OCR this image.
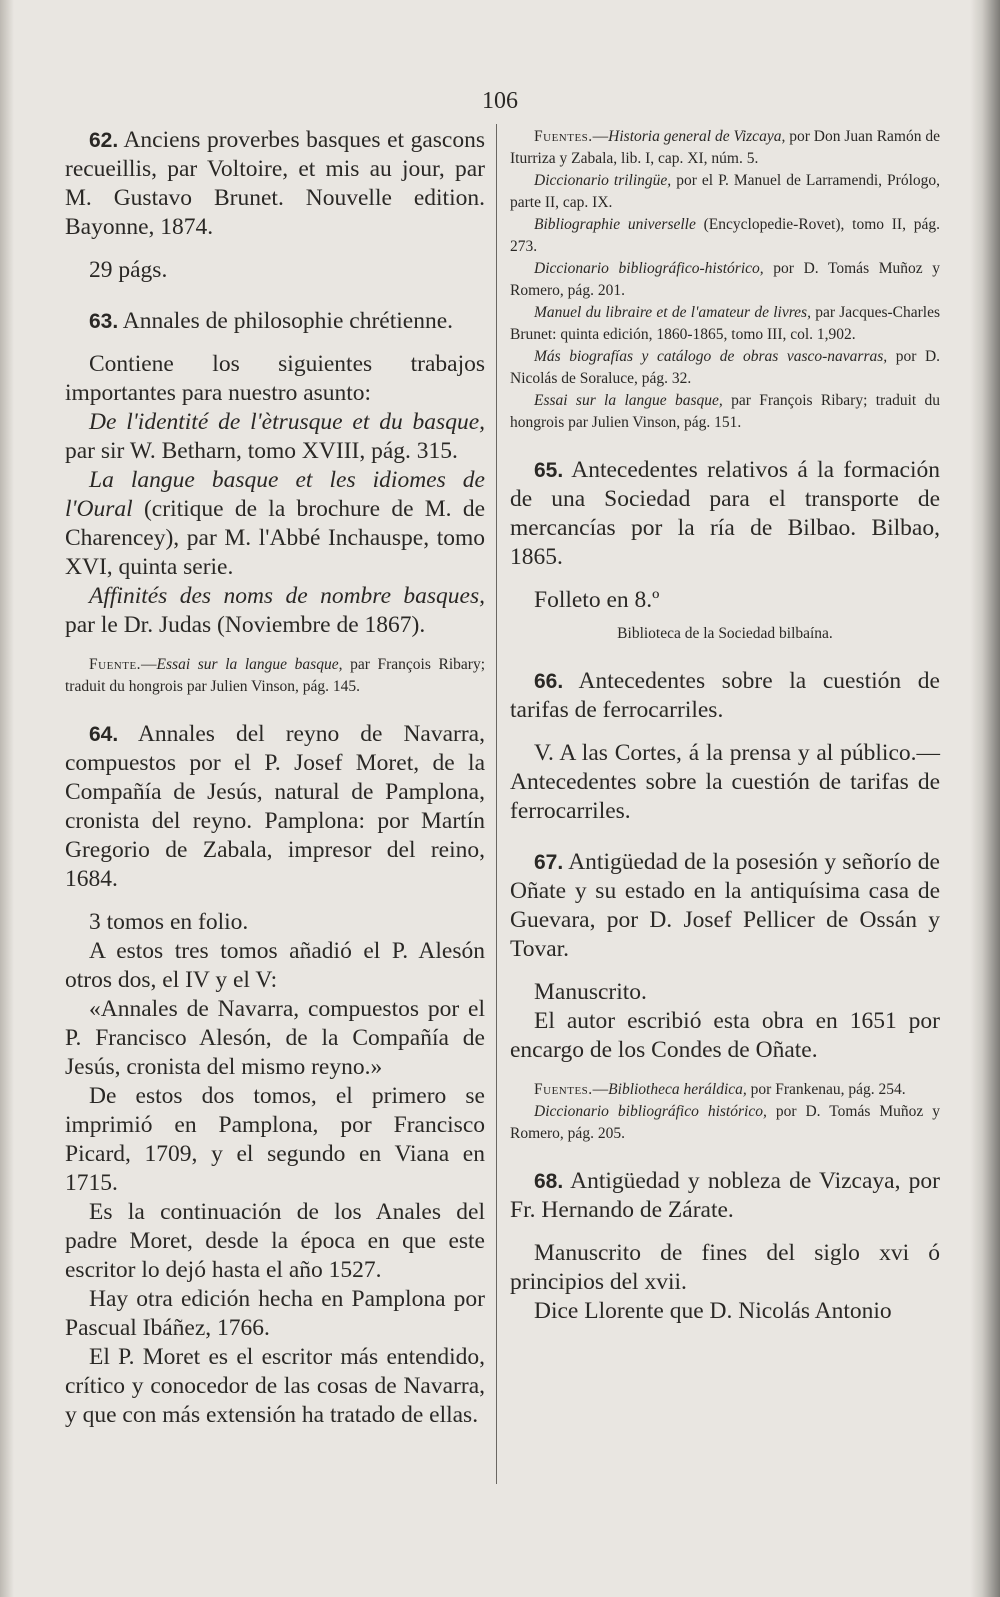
106

62. Anciens proverbes basques et gascons recueillis, par Voltoire, et mis au jour, par M. Gustavo Brunet. Nouvelle edition. Bayonne, 1874.

29 págs.

63. Annales de philosophie chrétienne.

Contiene los siguientes trabajos importantes para nuestro asunto:

De l'identité de l'ètrusque et du basque, par sir W. Betharn, tomo XVIII, pág. 315.

La langue basque et les idiomes de l'Oural (critique de la brochure de M. de Charencey), par M. l'Abbé Inchauspe, tomo XVI, quinta serie.

Affinités des noms de nombre basques, par le Dr. Judas (Noviembre de 1867).

Fuente.—Essai sur la langue basque, par François Ribary; traduit du hongrois par Julien Vinson, pág. 145.

64. Annales del reyno de Navarra, compuestos por el P. Josef Moret, de la Compañía de Jesús, natural de Pamplona, cronista del reyno. Pamplona: por Martín Gregorio de Zabala, impresor del reino, 1684.

3 tomos en folio.

A estos tres tomos añadió el P. Alesón otros dos, el IV y el V:

«Annales de Navarra, compuestos por el P. Francisco Alesón, de la Compañía de Jesús, cronista del mismo reyno.»

De estos dos tomos, el primero se imprimió en Pamplona, por Francisco Picard, 1709, y el segundo en Viana en 1715.

Es la continuación de los Anales del padre Moret, desde la época en que este escritor lo dejó hasta el año 1527.

Hay otra edición hecha en Pamplona por Pascual Ibáñez, 1766.

El P. Moret es el escritor más entendido, crítico y conocedor de las cosas de Navarra, y que con más extensión ha tratado de ellas.

Fuentes.—Historia general de Vizcaya, por Don Juan Ramón de Iturriza y Zabala, lib. I, cap. XI, núm. 5.

Diccionario trilingüe, por el P. Manuel de Larramendi, Prólogo, parte II, cap. IX.

Bibliographie universelle (Encyclopedie-Rovet), tomo II, pág. 273.

Diccionario bibliográfico-histórico, por D. Tomás Muñoz y Romero, pág. 201.

Manuel du libraire et de l'amateur de livres, par Jacques-Charles Brunet: quinta edición, 1860-1865, tomo III, col. 1,902.

Más biografías y catálogo de obras vasco-navarras, por D. Nicolás de Soraluce, pág. 32.

Essai sur la langue basque, par François Ribary; traduit du hongrois par Julien Vinson, pág. 151.

65. Antecedentes relativos á la formación de una Sociedad para el transporte de mercancías por la ría de Bilbao. Bilbao, 1865.

Folleto en 8.º

Biblioteca de la Sociedad bilbaína.

66. Antecedentes sobre la cuestión de tarifas de ferrocarriles.

V. A las Cortes, á la prensa y al público.—Antecedentes sobre la cuestión de tarifas de ferrocarriles.

67. Antigüedad de la posesión y señorío de Oñate y su estado en la antiquísima casa de Guevara, por D. Josef Pellicer de Ossán y Tovar.

Manuscrito.

El autor escribió esta obra en 1651 por encargo de los Condes de Oñate.

Fuentes.—Bibliotheca heráldica, por Frankenau, pág. 254.

Diccionario bibliográfico histórico, por D. Tomás Muñoz y Romero, pág. 205.

68. Antigüedad y nobleza de Vizcaya, por Fr. Hernando de Zárate.

Manuscrito de fines del siglo xvi ó principios del xvii.

Dice Llorente que D. Nicolás Antonio
